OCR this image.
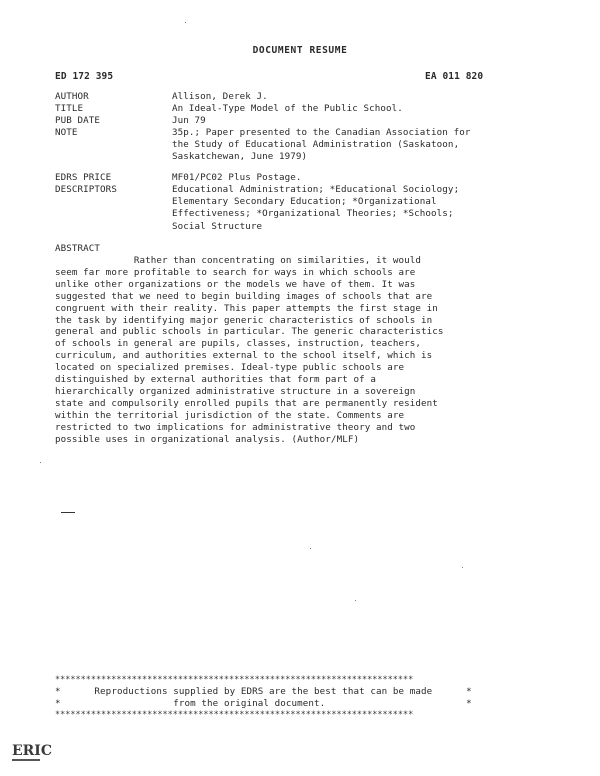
DOCUMENT RESUME
ED 172 395	EA 011 820
AUTHOR	Allison, Derek J.
TITLE	An Ideal-Type Model of the Public School.
PUB DATE	Jun 79
NOTE	35p.; Paper presented to the Canadian Association for
the Study of Educational Administration (Saskatoon,
Saskatchewan, June 1979)
EDRS PRICE	MF01/PC02 Plus Postage.
DESCRIPTORS	Educational Administration; *Educational Sociology;
Elementary Secondary Education; *Organizational
Effectiveness; *Organizational Theories; *Schools;
Social Structure
ABSTRACT
Rather than concentrating on similarities, it would
seem far more profitable to search for ways in which schools are
unlike other organizations or the models we have of them. It was
suggested that we need to begin building images of schools that are
congruent with their reality. This paper attempts the first stage in
the task by identifying major generic characteristics of schools in
general and public schools in particular. The generic characteristics
of schools in general are pupils, classes, instruction, teachers,
curriculum, and authorities external to the school itself, which is
located on specialized premises. Ideal-type public schools are
distinguished by external authorities that form part of a
hierarchically organized administrative structure in a sovereign
state and compulsorily enrolled pupils that are permanently resident
within the territorial jurisdiction of the state. Comments are
restricted to two implications for administrative theory and two
possible uses in organizational analysis. (Author/MLF)
**********************************************************************
*      Reproductions supplied by EDRS are the best that can be made      *
*                    from the original document.                         *
**********************************************************************
ERIC
